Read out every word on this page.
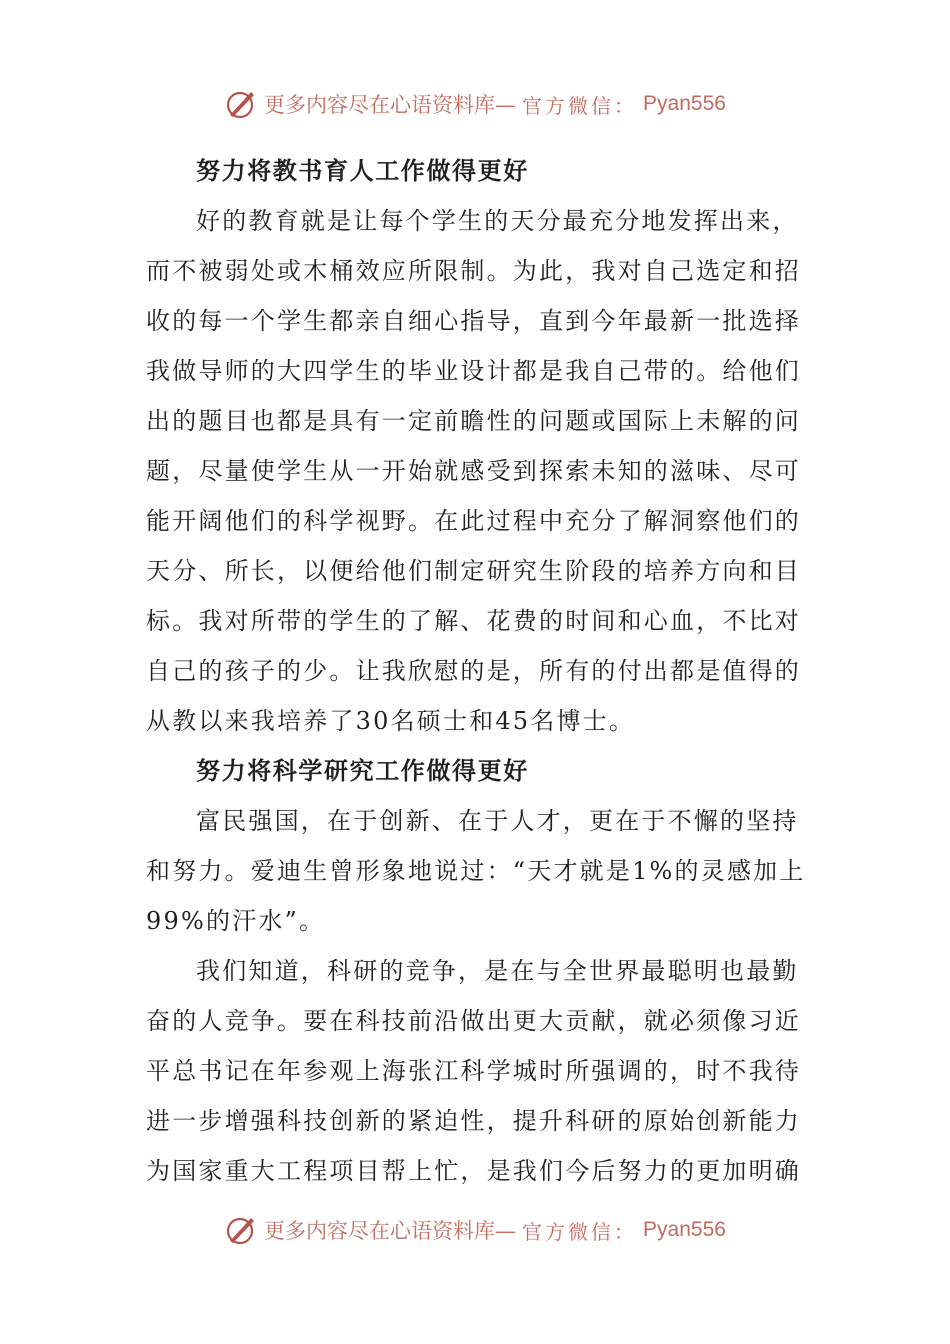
更多内容尽在心语资料库— 官方微信： Pyan556
努力将教书育人工作做得更好
好的教育就是让每个学生的天分最充分地发挥出来，
而不被弱处或木桶效应所限制。为此，我对自己选定和招
收的每一个学生都亲自细心指导，直到今年最新一批选择
我做导师的大四学生的毕业设计都是我自己带的。给他们
出的题目也都是具有一定前瞻性的问题或国际上未解的问
题，尽量使学生从一开始就感受到探索未知的滋味、尽可
能开阔他们的科学视野。在此过程中充分了解洞察他们的
天分、所长，以便给他们制定研究生阶段的培养方向和目
标。我对所带的学生的了解、花费的时间和心血，不比对
自己的孩子的少。让我欣慰的是，所有的付出都是值得的
从教以来我培养了30名硕士和45名博士。
努力将科学研究工作做得更好
富民强国，在于创新、在于人才，更在于不懈的坚持
和努力。爱迪生曾形象地说过：“天才就是1%的灵感加上
99%的汗水”。
我们知道，科研的竞争，是在与全世界最聪明也最勤
奋的人竞争。要在科技前沿做出更大贡献，就必须像习近
平总书记在年参观上海张江科学城时所强调的，时不我待
进一步增强科技创新的紧迫性，提升科研的原始创新能力
为国家重大工程项目帮上忙，是我们今后努力的更加明确
更多内容尽在心语资料库— 官方微信： Pyan556
